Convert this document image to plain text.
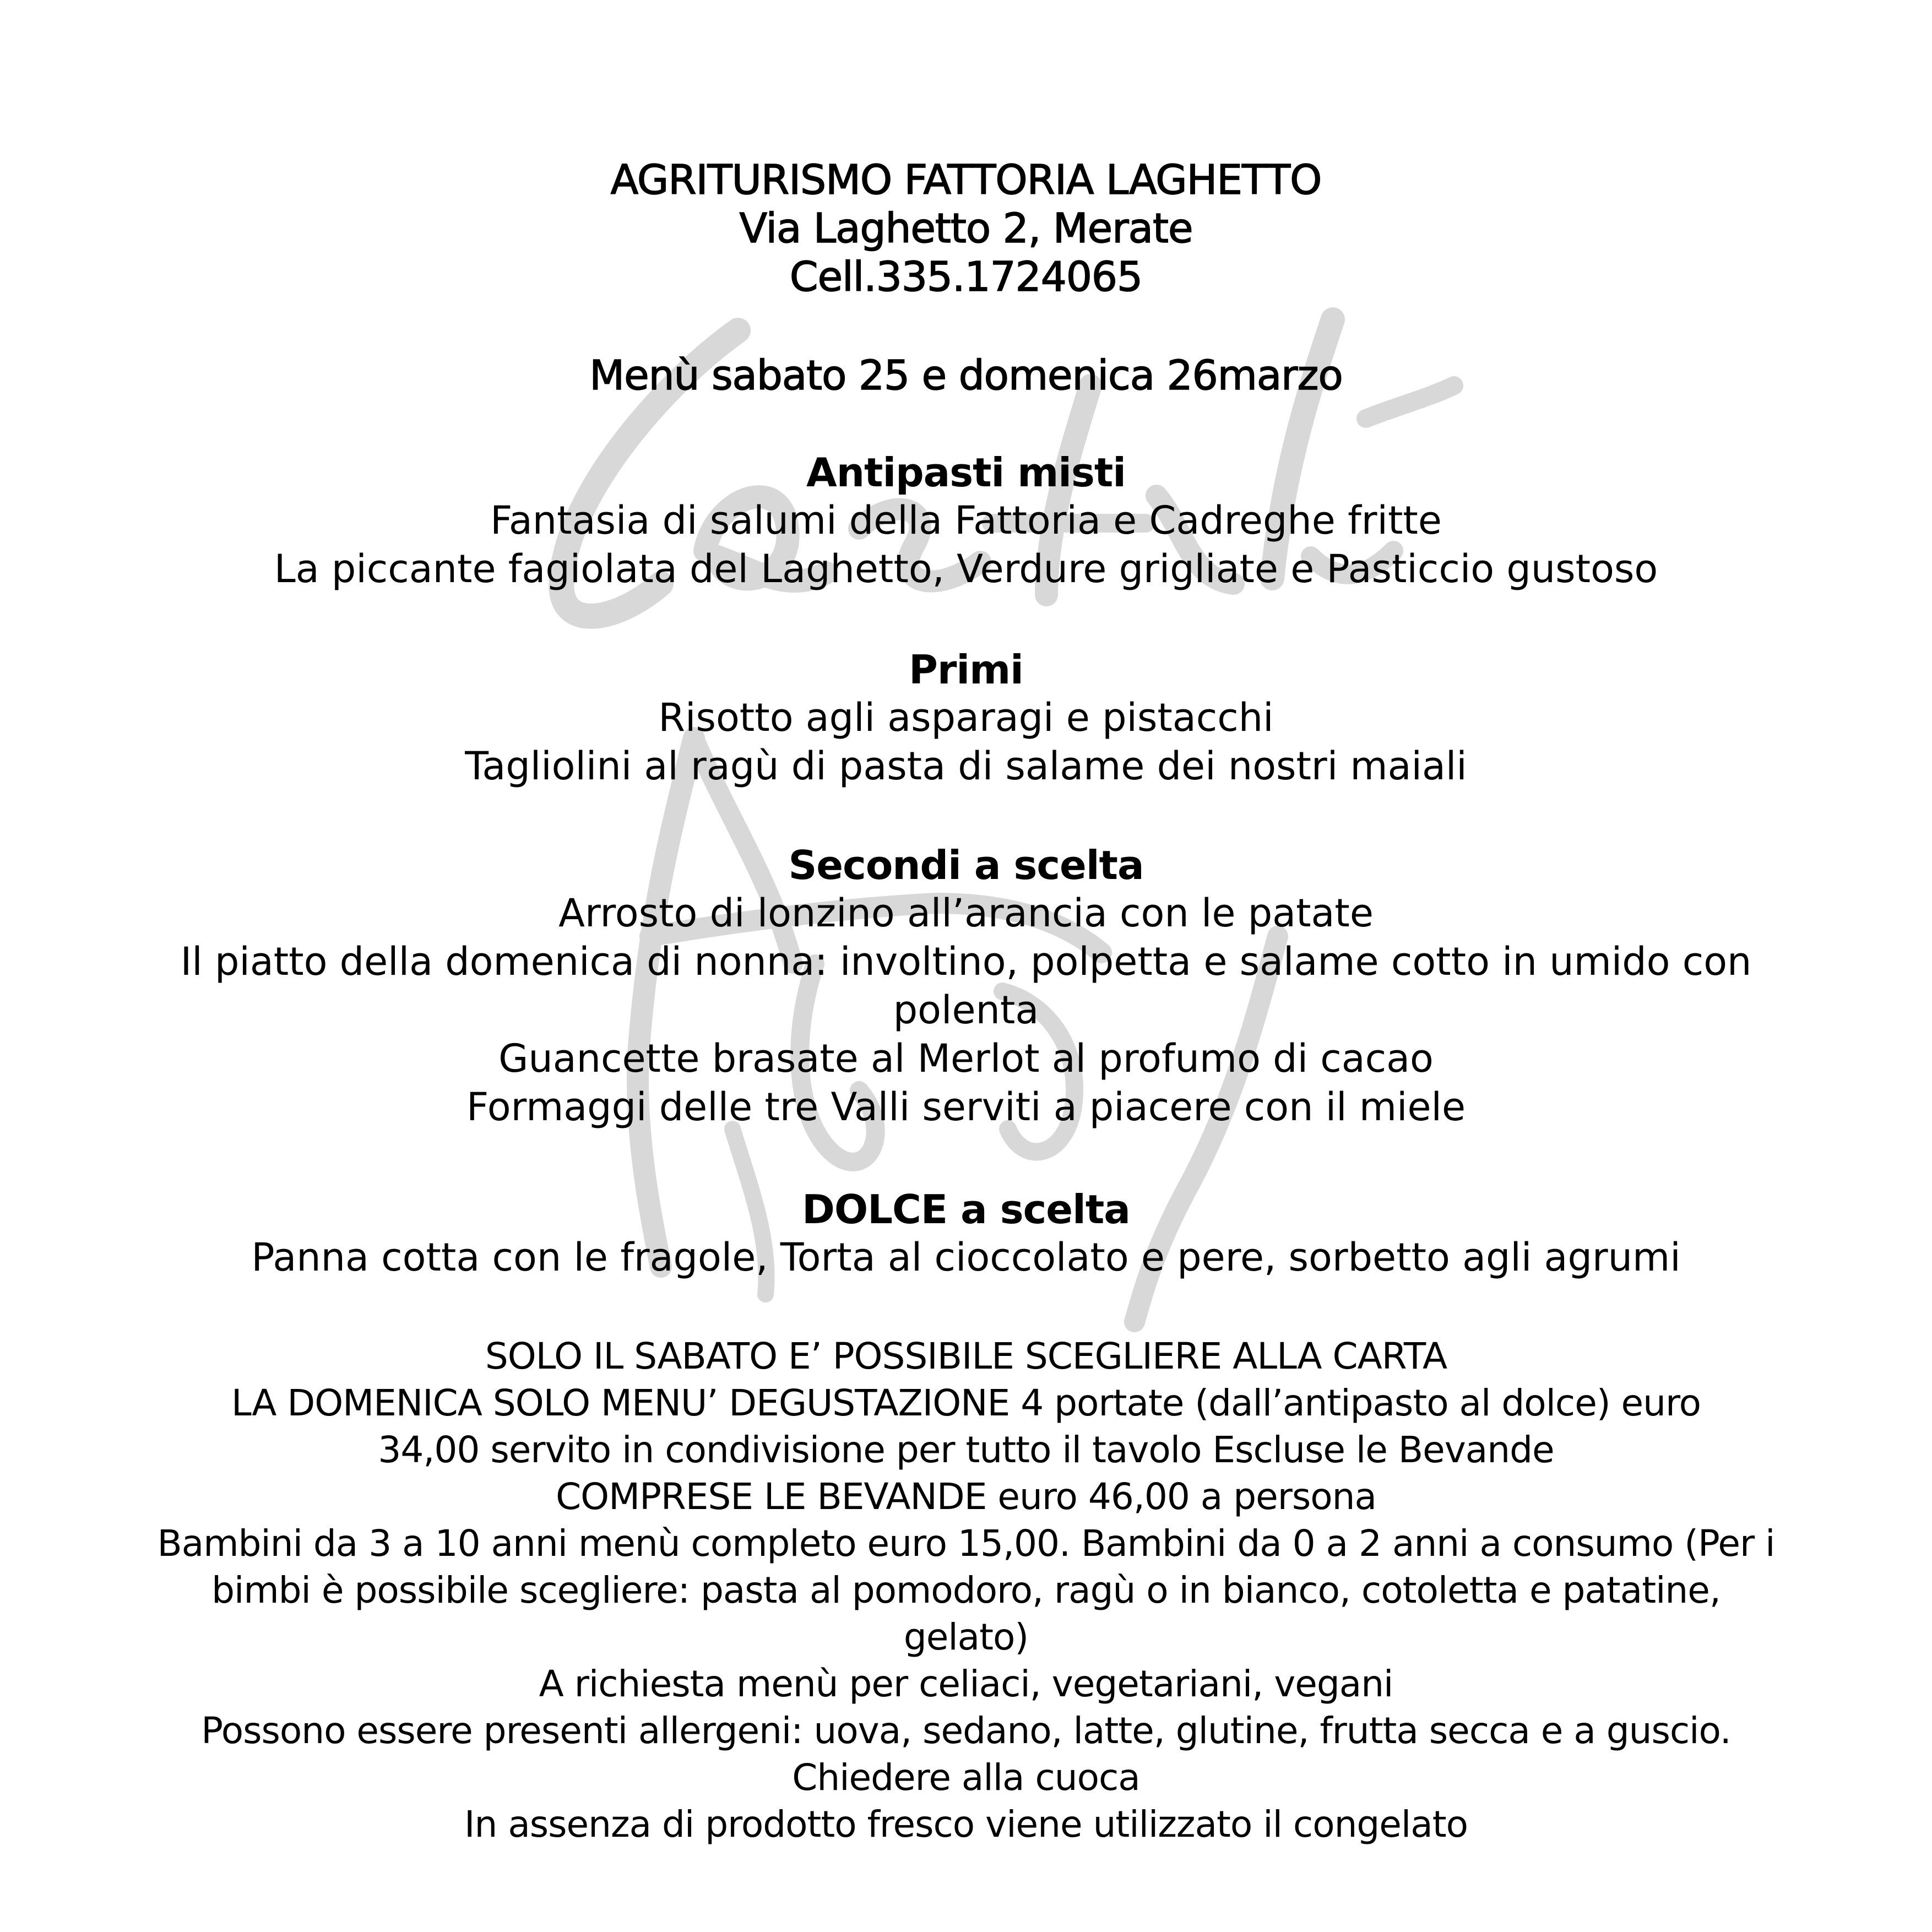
AGRITURISMO FATTORIA LAGHETTO
Via Laghetto 2, Merate
Cell.335.1724065
Menù sabato 25 e domenica 26marzo
Antipasti misti
Fantasia di salumi della Fattoria e Cadreghe fritte
La piccante fagiolata del Laghetto, Verdure grigliate e Pasticcio gustoso
Primi
Risotto agli asparagi e pistacchi
Tagliolini al ragù di pasta di salame dei nostri maiali
Secondi a scelta
Arrosto di lonzino all’arancia con le patate
Il piatto della domenica di nonna: involtino, polpetta e salame cotto in umido con
polenta
Guancette brasate al Merlot al profumo di cacao
Formaggi delle tre Valli serviti a piacere con il miele
DOLCE a scelta
Panna cotta con le fragole, Torta al cioccolato e pere, sorbetto agli agrumi
SOLO IL SABATO E’ POSSIBILE SCEGLIERE ALLA CARTA
LA DOMENICA SOLO MENU’ DEGUSTAZIONE 4 portate (dall’antipasto al dolce) euro
34,00 servito in condivisione per tutto il tavolo Escluse le Bevande
COMPRESE LE BEVANDE euro 46,00 a persona
Bambini da 3 a 10 anni menù completo euro 15,00. Bambini da 0 a 2 anni a consumo (Per i
bimbi è possibile scegliere: pasta al pomodoro, ragù o in bianco, cotoletta e patatine,
gelato)
A richiesta menù per celiaci, vegetariani, vegani
Possono essere presenti allergeni: uova, sedano, latte, glutine, frutta secca e a guscio.
Chiedere alla cuoca
In assenza di prodotto fresco viene utilizzato il congelato
